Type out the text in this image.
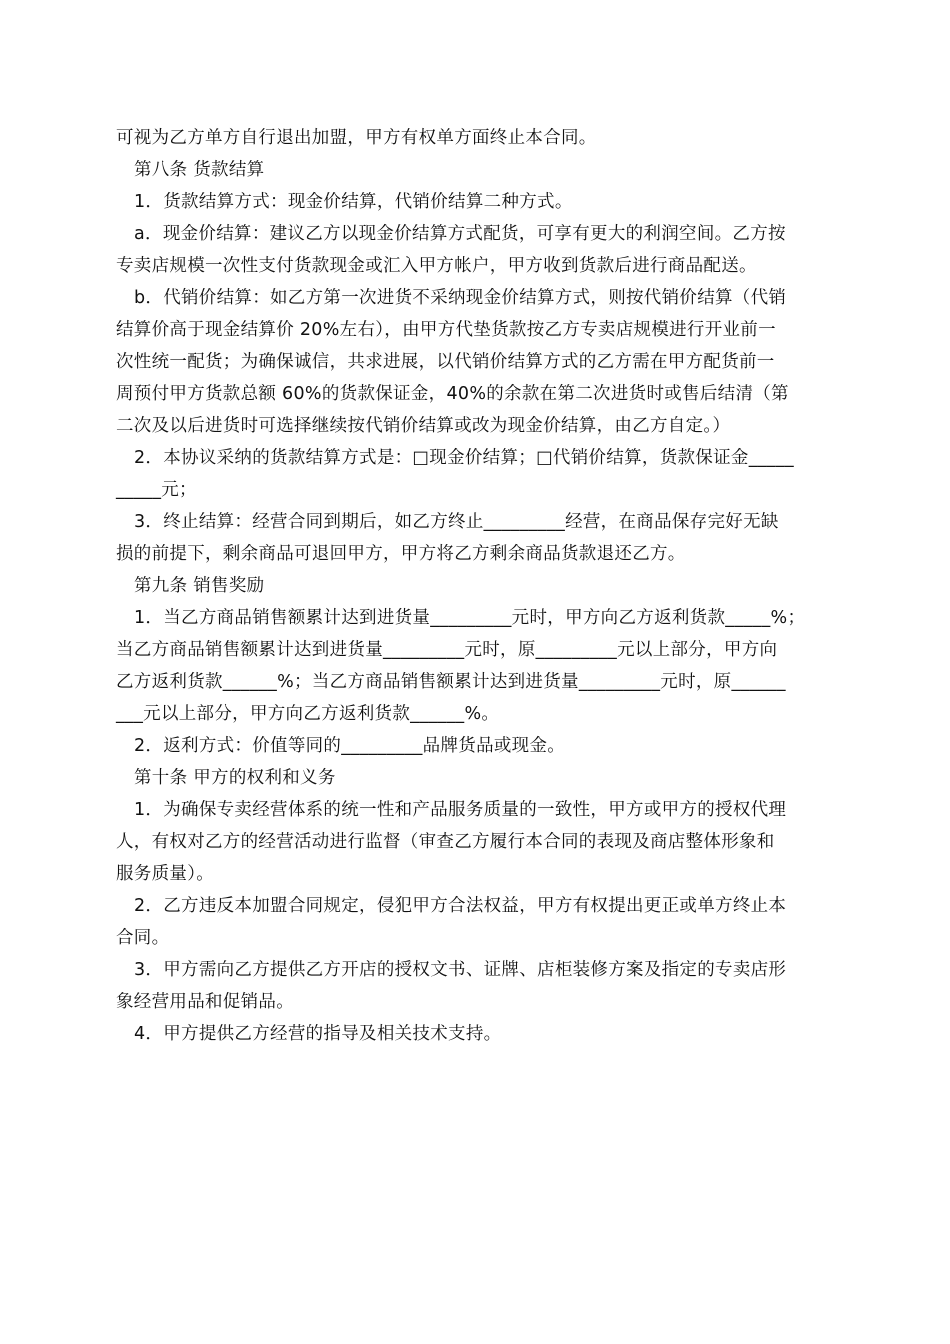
可视为乙方单方自行退出加盟，甲方有权单方面终止本合同。
第八条 货款结算
1．货款结算方式：现金价结算，代销价结算二种方式。
a．现金价结算：建议乙方以现金价结算方式配货，可享有更大的利润空间。乙方按
专卖店规模一次性支付货款现金或汇入甲方帐户，甲方收到货款后进行商品配送。
b．代销价结算：如乙方第一次进货不采纳现金价结算方式，则按代销价结算（代销
结算价高于现金结算价 20%左右），由甲方代垫货款按乙方专卖店规模进行开业前一
次性统一配货；为确保诚信，共求进展，以代销价结算方式的乙方需在甲方配货前一
周预付甲方货款总额 60%的货款保证金，40%的余款在第二次进货时或售后结清（第
二次及以后进货时可选择继续按代销价结算或改为现金价结算，由乙方自定。）
2．本协议采纳的货款结算方式是：□现金价结算；□代销价结算，货款保证金_____
_____元；
3．终止结算：经营合同到期后，如乙方终止_________经营，在商品保存完好无缺
损的前提下，剩余商品可退回甲方，甲方将乙方剩余商品货款退还乙方。
第九条 销售奖励
1．当乙方商品销售额累计达到进货量_________元时，甲方向乙方返利货款_____%；
当乙方商品销售额累计达到进货量_________元时，原_________元以上部分，甲方向
乙方返利货款______%；当乙方商品销售额累计达到进货量_________元时，原______
___元以上部分，甲方向乙方返利货款______%。
2．返利方式：价值等同的_________品牌货品或现金。
第十条 甲方的权利和义务
1．为确保专卖经营体系的统一性和产品服务质量的一致性，甲方或甲方的授权代理
人，有权对乙方的经营活动进行监督（审查乙方履行本合同的表现及商店整体形象和
服务质量）。
2．乙方违反本加盟合同规定，侵犯甲方合法权益，甲方有权提出更正或单方终止本
合同。
3．甲方需向乙方提供乙方开店的授权文书、证牌、店柜装修方案及指定的专卖店形
象经营用品和促销品。
4．甲方提供乙方经营的指导及相关技术支持。
